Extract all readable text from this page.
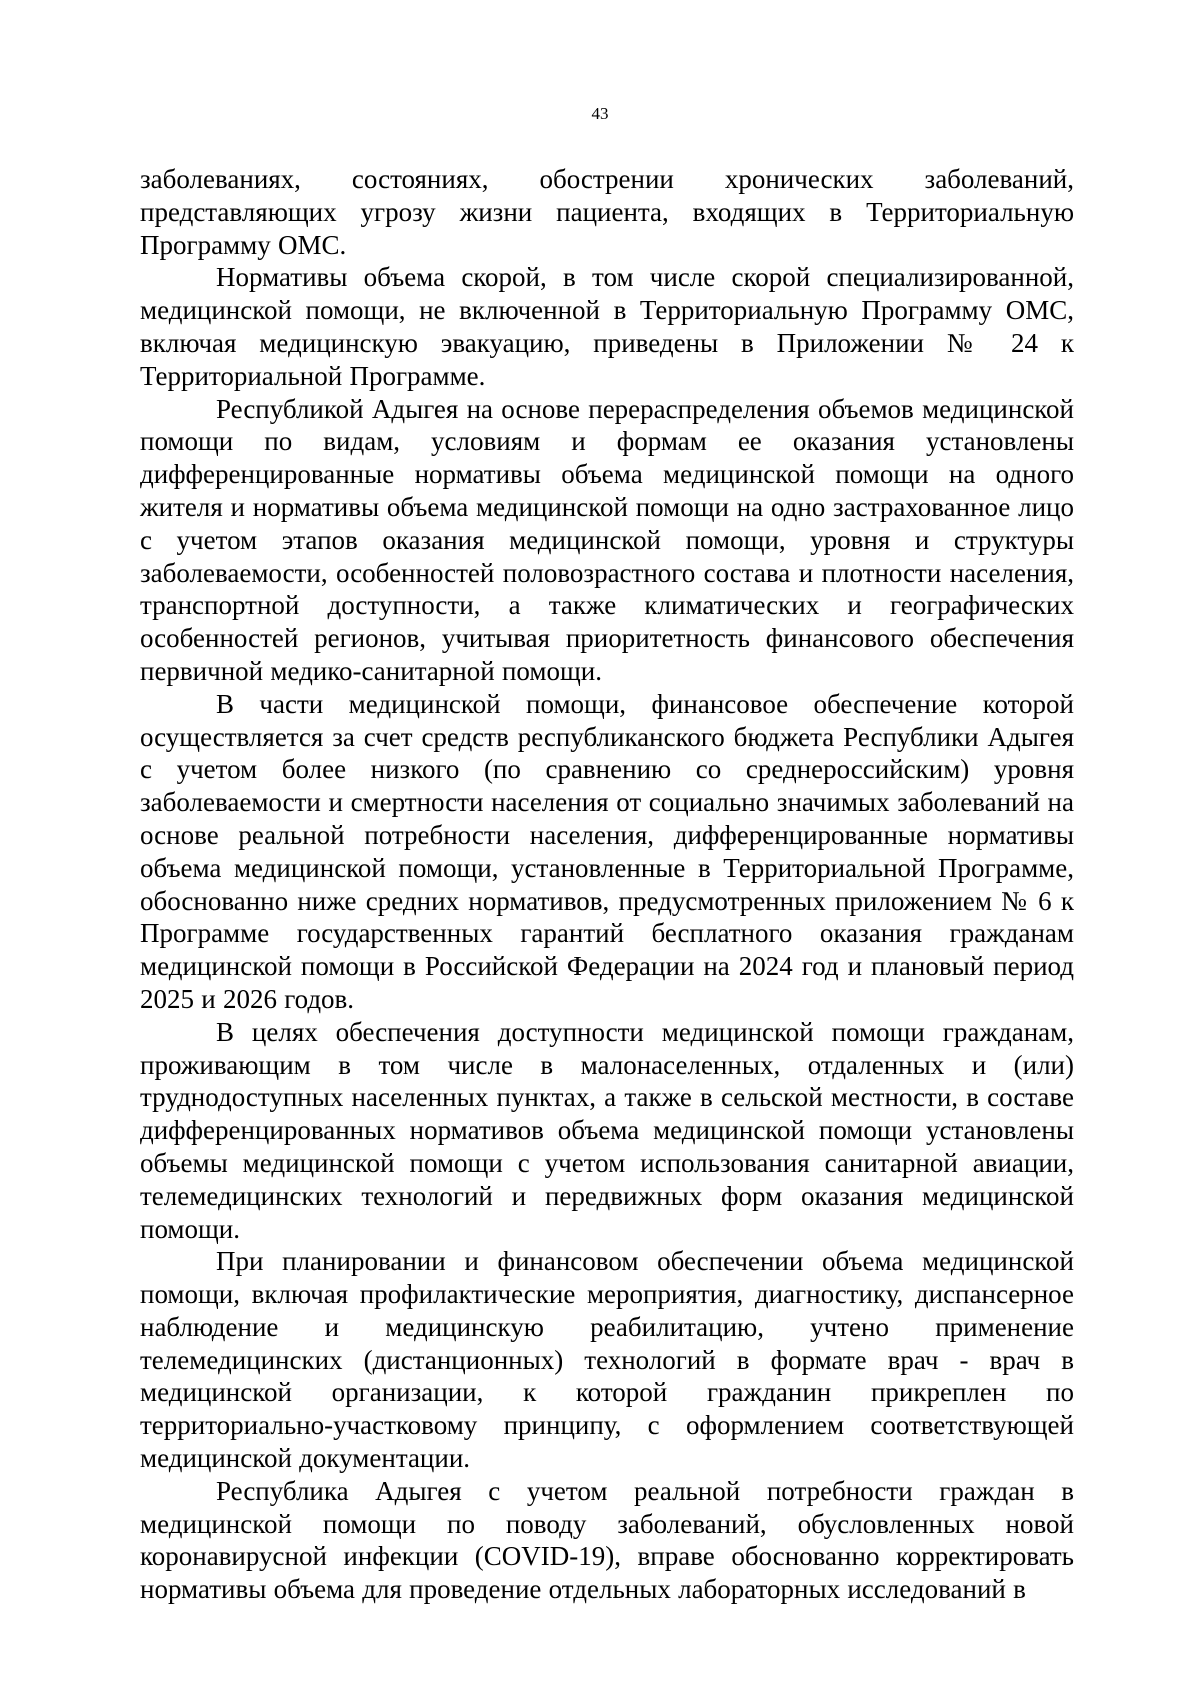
43

заболеваниях, состояниях, обострении хронических заболеваний, представляющих угрозу жизни пациента, входящих в Территориальную Программу ОМС.

Нормативы объема скорой, в том числе скорой специализированной, медицинской помощи, не включенной в Территориальную Программу ОМС, включая медицинскую эвакуацию, приведены в Приложении № 24 к Территориальной Программе.

Республикой Адыгея на основе перераспределения объемов медицинской помощи по видам, условиям и формам ее оказания установлены дифференцированные нормативы объема медицинской помощи на одного жителя и нормативы объема медицинской помощи на одно застрахованное лицо с учетом этапов оказания медицинской помощи, уровня и структуры заболеваемости, особенностей половозрастного состава и плотности населения, транспортной доступности, а также климатических и географических особенностей регионов, учитывая приоритетность финансового обеспечения первичной медико-санитарной помощи.

В части медицинской помощи, финансовое обеспечение которой осуществляется за счет средств республиканского бюджета Республики Адыгея с учетом более низкого (по сравнению со среднероссийским) уровня заболеваемости и смертности населения от социально значимых заболеваний на основе реальной потребности населения, дифференцированные нормативы объема медицинской помощи, установленные в Территориальной Программе, обоснованно ниже средних нормативов, предусмотренных приложением № 6 к Программе государственных гарантий бесплатного оказания гражданам медицинской помощи в Российской Федерации на 2024 год и плановый период 2025 и 2026 годов.

В целях обеспечения доступности медицинской помощи гражданам, проживающим в том числе в малонаселенных, отдаленных и (или) труднодоступных населенных пунктах, а также в сельской местности, в составе дифференцированных нормативов объема медицинской помощи установлены объемы медицинской помощи с учетом использования санитарной авиации, телемедицинских технологий и передвижных форм оказания медицинской помощи.

При планировании и финансовом обеспечении объема медицинской помощи, включая профилактические мероприятия, диагностику, диспансерное наблюдение и медицинскую реабилитацию, учтено применение телемедицинских (дистанционных) технологий в формате врач - врач в медицинской организации, к которой гражданин прикреплен по территориально-участковому принципу, с оформлением соответствующей медицинской документации.

Республика Адыгея с учетом реальной потребности граждан в медицинской помощи по поводу заболеваний, обусловленных новой коронавирусной инфекции (COVID-19), вправе обоснованно корректировать нормативы объема для проведение отдельных лабораторных исследований в
